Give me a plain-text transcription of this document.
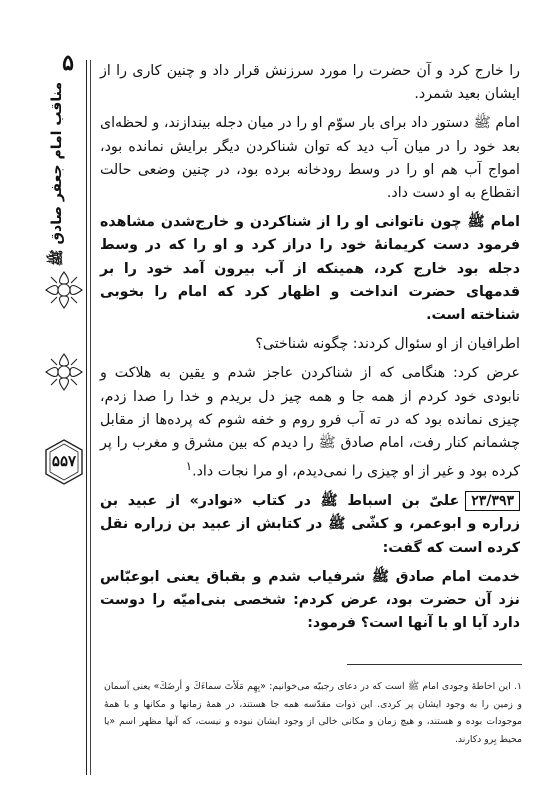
۵
مناقب امام جعفر صادق ﷺ
۵۵۷

را خارج کرد و آن حضرت را مورد سرزنش قرار داد و چنین کاری را از ایشان بعید شمرد.

امام ﷺ دستور داد برای بار سوّم او را در میان دجله بیندازند، و لحظه‌ای بعد خود را در میان آب دید که توان شناکردن دیگر برایش نمانده بود، امواج آب هم او را در وسط رودخانه برده بود، در چنین وضعی حالت انقطاع به او دست داد.

امام ﷺ چون ناتوانی او را از شناکردن و خارج‌شدن مشاهده فرمود دست کریمانهٔ خود را دراز کرد و او را که در وسط دجله بود خارج کرد، همینکه از آب بیرون آمد خود را بر قدمهای حضرت انداخت و اظهار کرد که امام را بخوبی شناخته است.

اطرافیان از او سئوال کردند: چگونه شناختی؟

عرض کرد: هنگامی که از شناکردن عاجز شدم و یقین به هلاکت و نابودی خود کردم از همه جا و همه چیز دل بریدم و خدا را صدا زدم، چیزی نمانده بود که در ته آب فرو روم و خفه شوم که پرده‌ها از مقابل چشمانم کنار رفت، امام صادق ﷺ را دیدم که بین مشرق و مغرب را پر کرده بود و غیر از او چیزی را نمی‌دیدم، او مرا نجات داد.$^۱$

۲۳/۳۹۳علیّ بن اسباط ﷺ در کتاب «نوادر» از عبید بن زراره و ابوعمر، و کشّی ﷺ در کتابش از عبید بن زراره نقل کرده است که گفت:

خدمت امام صادق ﷺ شرفیاب شدم و بقباق یعنی ابوعبّاس نزد آن حضرت بود، عرض کردم: شخصی بنی‌امیّه را دوست دارد آیا او با آنها است؟ فرمود:

۱. این احاطهٔ وجودی امام ﷺ است که در دعای رجبیّه می‌خوانیم: «بِهِم مَلَأتَ سماءَكَ و أرضَكَ» یعنی آسمان و زمین را به وجود ایشان پر کردی. این ذوات مقدّسه همه جا هستند، در همهٔ زمانها و مکانها و با همهٔ موجودات بوده و هستند، و هیچ زمان و مکانی خالی از وجود ایشان نبوده و نیست، که آنها مظهر اسم «یا محیط بِرو دکارند.
